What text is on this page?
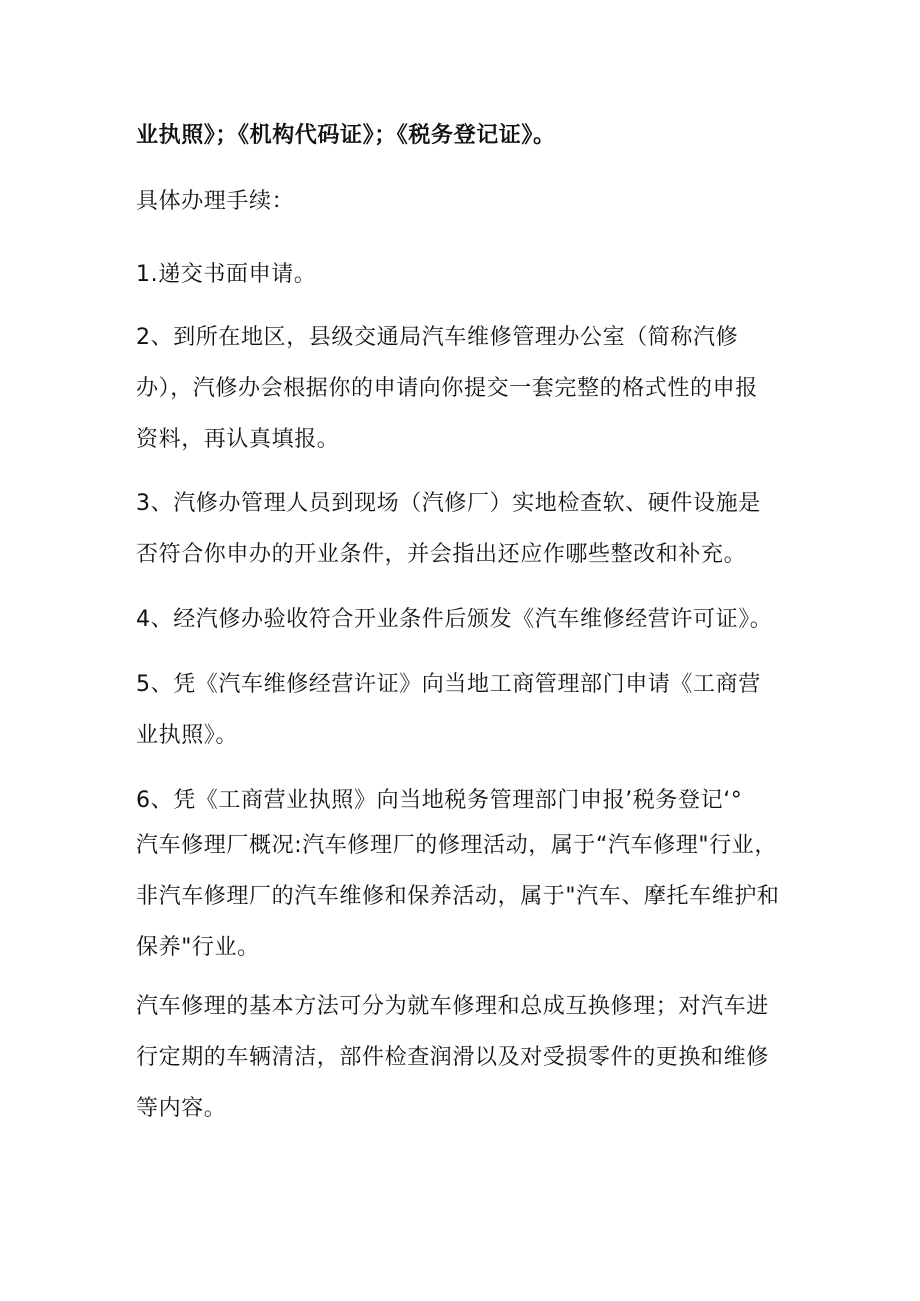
业执照》；《机构代码证》；《税务登记证》。
具体办理手续：
1.递交书面申请。
2、到所在地区，县级交通局汽车维修管理办公室（简称汽修
办），汽修办会根据你的申请向你提交一套完整的格式性的申报
资料，再认真填报。
3、汽修办管理人员到现场（汽修厂）实地检查软、硬件设施是
否符合你申办的开业条件，并会指出还应作哪些整改和补充。
4、经汽修办验收符合开业条件后颁发《汽车维修经营许可证》。
5、凭《汽车维修经营许证》向当地工商管理部门申请《工商营
业执照》。
6、凭《工商营业执照》向当地税务管理部门申报’税务登记‘°
汽车修理厂概况:汽车修理厂的修理活动，属于“汽车修理"行业，
非汽车修理厂的汽车维修和保养活动，属于"汽车、摩托车维护和
保养"行业。
汽车修理的基本方法可分为就车修理和总成互换修理；对汽车进
行定期的车辆清洁，部件检查润滑以及对受损零件的更换和维修
等内容。
